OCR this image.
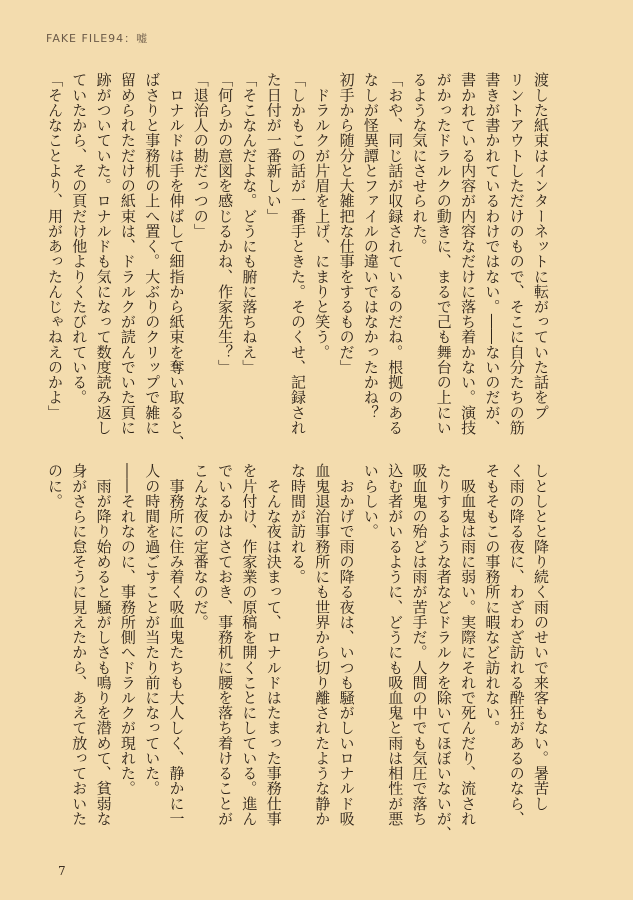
FAKE FILE94：嘘
渡した紙束はインターネットに転がっていた話をプ
リントアウトしただけのもので、そこに自分たちの筋
書きが書かれているわけではない。――ないのだが、
書かれている内容が内容なだけに落ち着かない。演技
がかったドラルクの動きに、まるで己も舞台の上にい
るような気にさせられた。
「おや、同じ話が収録されているのだね。根拠のある
なしが怪異譚とファイルの違いではなかったかね？
初手から随分と大雑把な仕事をするものだ」
　ドラルクが片眉を上げ、にまりと笑う。
「しかもこの話が一番手ときた。そのくせ、記録され
た日付が一番新しい」
「そこなんだよな。どうにも腑に落ちねえ」
「何らかの意図を感じるかね、作家先生？」
「退治人の勘だっつの」
　ロナルドは手を伸ばして細指から紙束を奪い取ると、
ばさりと事務机の上へ置く。大ぶりのクリップで雑に
留められただけの紙束は、ドラルクが読んでいた頁に
跡がついていた。ロナルドも気になって数度読み返し
ていたから、その頁だけ他よりくたびれている。
「そんなことより、用があったんじゃねえのかよ」
しとしとと降り続く雨のせいで来客もない。暑苦し
く雨の降る夜に、わざわざ訪れる酔狂があるのなら、
そもそもこの事務所に暇など訪れない。
　吸血鬼は雨に弱い。実際にそれで死んだり、流され
たりするような者などドラルクを除いてほぼいないが、
吸血鬼の殆どは雨が苦手だ。人間の中でも気圧で落ち
込む者がいるように、どうにも吸血鬼と雨は相性が悪
いらしい。
　おかげで雨の降る夜は、いつも騒がしいロナルド吸
血鬼退治事務所にも世界から切り離されたような静か
な時間が訪れる。
　そんな夜は決まって、ロナルドはたまった事務仕事
を片付け、作家業の原稿を開くことにしている。進ん
でいるかはさておき、事務机に腰を落ち着けることが
こんな夜の定番なのだ。
　事務所に住み着く吸血鬼たちも大人しく、静かに一
人の時間を過ごすことが当たり前になっていた。
――それなのに、事務所側へドラルクが現れた。
　雨が降り始めると騒がしさも鳴りを潜めて、貧弱な
身がさらに怠そうに見えたから、あえて放っておいた
のに。
7
